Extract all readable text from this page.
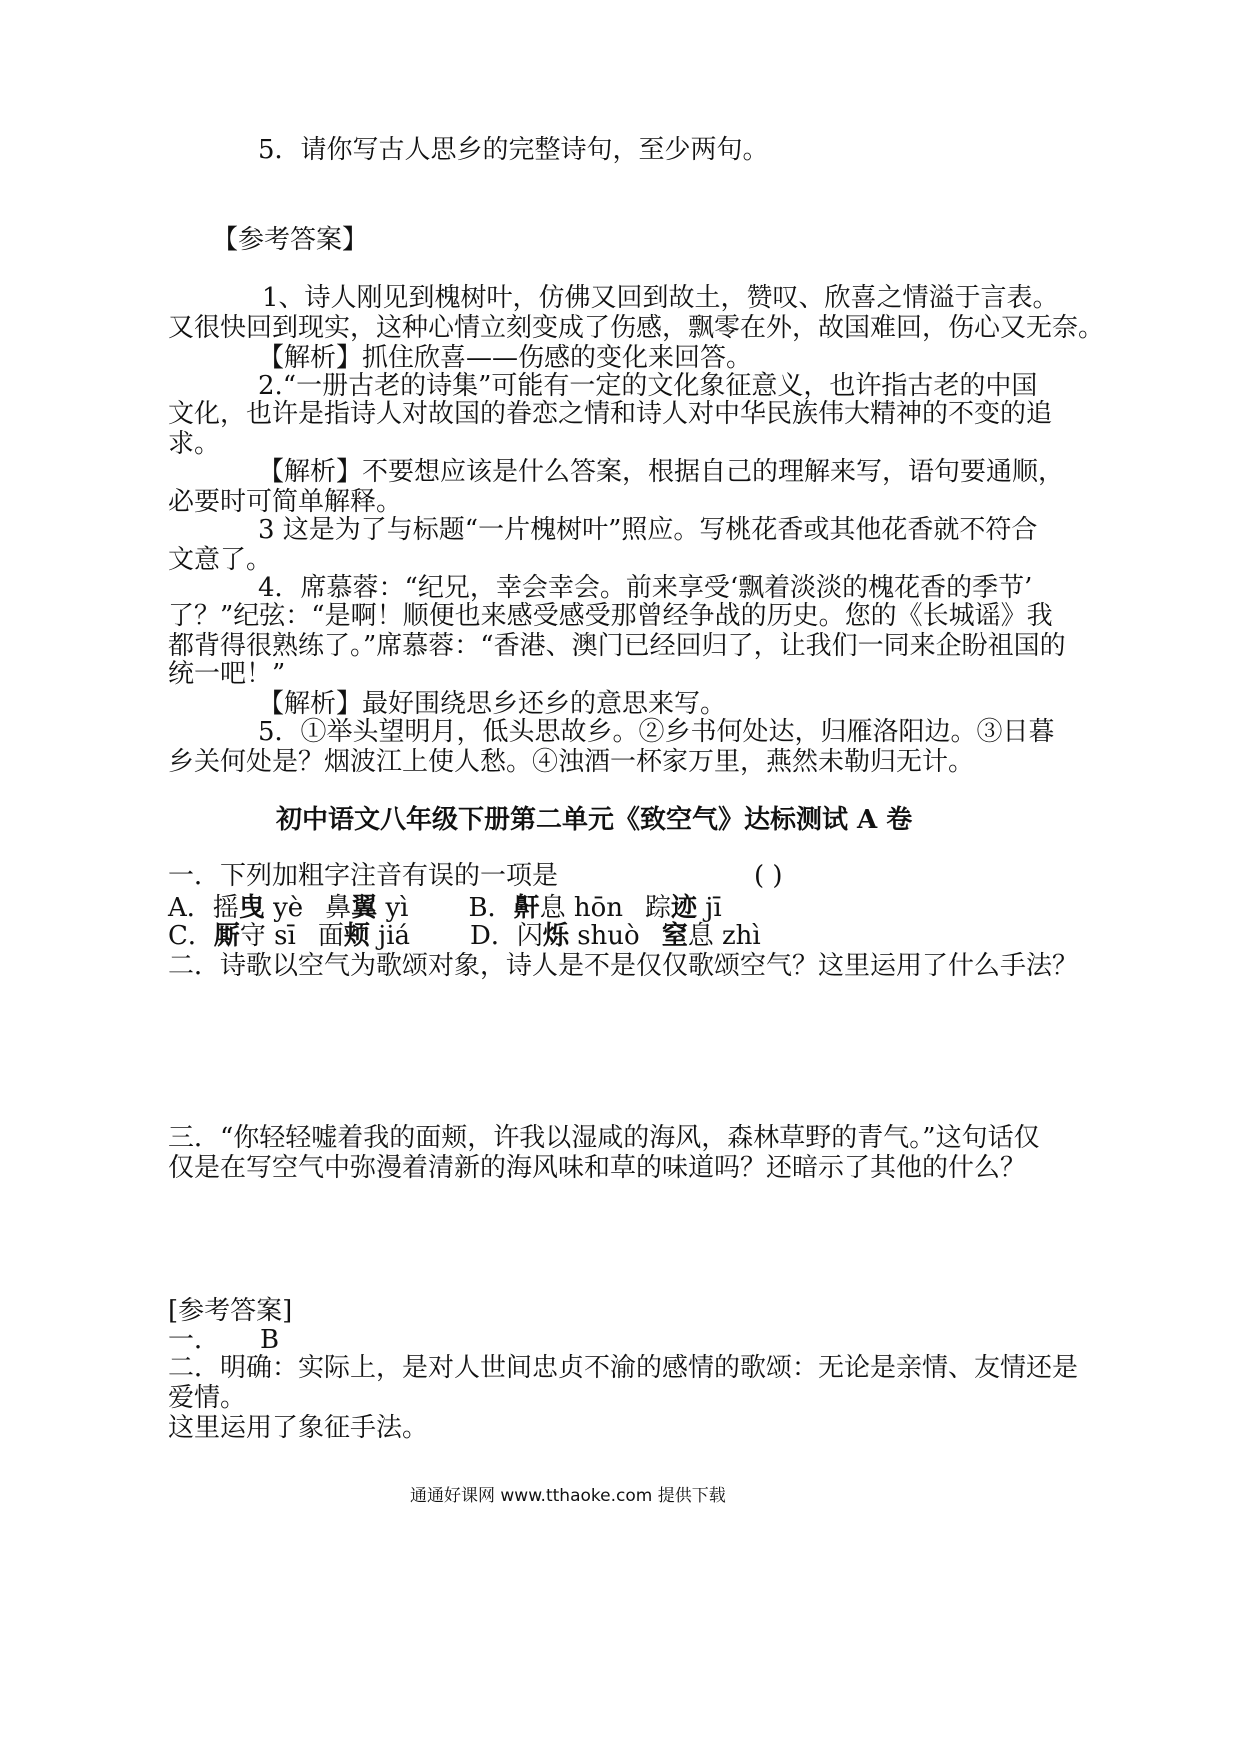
5．请你写古人思乡的完整诗句，至少两句。
【参考答案】
1、诗人刚见到槐树叶，仿佛又回到故土，赞叹、欣喜之情溢于言表。
又很快回到现实，这种心情立刻变成了伤感，飘零在外，故国难回，伤心又无奈。
【解析】抓住欣喜——伤感的变化来回答。
2.“一册古老的诗集”可能有一定的文化象征意义，也许指古老的中国
文化，也许是指诗人对故国的眷恋之情和诗人对中华民族伟大精神的不变的追
求。
【解析】不要想应该是什么答案，根据自己的理解来写，语句要通顺，
必要时可简单解释。
3 这是为了与标题“一片槐树叶”照应。写桃花香或其他花香就不符合
文意了。
4．席慕蓉：“纪兄，幸会幸会。前来享受‘飘着淡淡的槐花香的季节’
了？”纪弦：“是啊！顺便也来感受感受那曾经争战的历史。您的《长城谣》我
都背得很熟练了。”席慕蓉：“香港、澳门已经回归了，让我们一同来企盼祖国的
统一吧！”
【解析】最好围绕思乡还乡的意思来写。
5．①举头望明月，低头思故乡。②乡书何处达，归雁洛阳边。③日暮
乡关何处是？烟波江上使人愁。④浊酒一杯家万里，燕然未勒归无计。
初中语文八年级下册第二单元《致空气》达标测试 A 卷
一．下列加粗字注音有误的一项是	( )
A．摇曳 yè 鼻翼 yì B．鼾息 hōn 踪迹 jī
C．厮守 sī 面颊 jiá D．闪烁 shuò 窒息 zhì
二．诗歌以空气为歌颂对象，诗人是不是仅仅歌颂空气？这里运用了什么手法？
三．“你轻轻嘘着我的面颊，许我以湿咸的海风，森林草野的青气。”这句话仅
仅是在写空气中弥漫着清新的海风味和草的味道吗？还暗示了其他的什么？
[参考答案]
一． B
二．明确：实际上，是对人世间忠贞不渝的感情的歌颂：无论是亲情、友情还是
爱情。
这里运用了象征手法。
通通好课网 www.tthaoke.com 提供下载
